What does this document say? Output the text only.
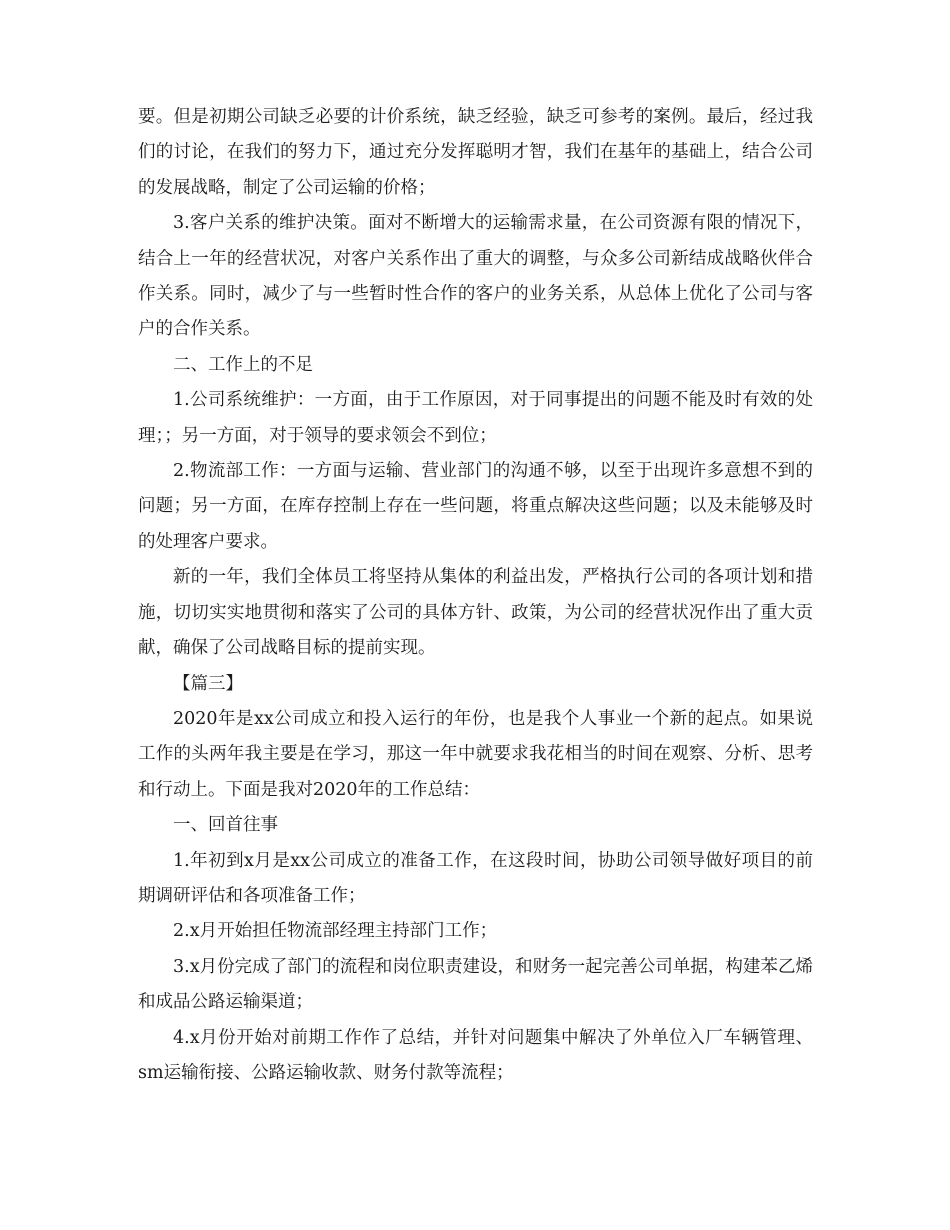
要。但是初期公司缺乏必要的计价系统，缺乏经验，缺乏可参考的案例。最后，经过我们的讨论，在我们的努力下，通过充分发挥聪明才智，我们在基年的基础上，结合公司的发展战略，制定了公司运输的价格；

3.客户关系的维护决策。面对不断增大的运输需求量，在公司资源有限的情况下，结合上一年的经营状况，对客户关系作出了重大的调整，与众多公司新结成战略伙伴合作关系。同时，减少了与一些暂时性合作的客户的业务关系，从总体上优化了公司与客户的合作关系。

二、工作上的不足

1.公司系统维护：一方面，由于工作原因，对于同事提出的问题不能及时有效的处理；；另一方面，对于领导的要求领会不到位；

2.物流部工作：一方面与运输、营业部门的沟通不够，以至于出现许多意想不到的问题；另一方面，在库存控制上存在一些问题，将重点解决这些问题；以及未能够及时的处理客户要求。

新的一年，我们全体员工将坚持从集体的利益出发，严格执行公司的各项计划和措施，切切实实地贯彻和落实了公司的具体方针、政策，为公司的经营状况作出了重大贡献，确保了公司战略目标的提前实现。

【篇三】

2020年是xx公司成立和投入运行的年份，也是我个人事业一个新的起点。如果说工作的头两年我主要是在学习，那这一年中就要求我花相当的时间在观察、分析、思考和行动上。下面是我对2020年的工作总结：

一、回首往事

1.年初到x月是xx公司成立的准备工作，在这段时间，协助公司领导做好项目的前期调研评估和各项准备工作；

2.x月开始担任物流部经理主持部门工作；

3.x月份完成了部门的流程和岗位职责建设，和财务一起完善公司单据，构建苯乙烯和成品公路运输渠道；

4.x月份开始对前期工作作了总结，并针对问题集中解决了外单位入厂车辆管理、sm运输衔接、公路运输收款、财务付款等流程；
